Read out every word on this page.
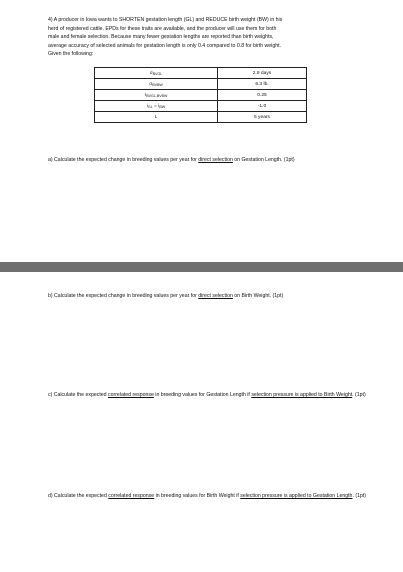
4) A producer in Iowa wants to SHORTEN gestation length (GL) and REDUCE birth weight (BW) in his

herd of registered cattle. EPDs for these traits are available, and the producer will use them for both

male and female selection. Because many fewer gestation lengths are reported than birth weights,

average accuracy of selected animals for gestation length is only 0.4 compared to 0.8 for birth weight.

Given the following:

$\sigma_{BVGL}$	2.8 days
$\sigma_{BVBW}$	6.3 lb.
$r_{BVGL,BVBW}$	0.25
$i_{GL} = i_{BW}$	-1.0
L	5 years

a) Calculate the expected change in breeding values per year for direct selection on Gestation Length. (1pt)

b) Calculate the expected change in breeding values per year for direct selection on Birth Weight. (1pt)

c) Calculate the expected correlated response in breeding values for Gestation Length if selection pressure is applied to Birth Weight. (1pt)

d) Calculate the expected correlated response in breeding values for Birth Weight if selection pressure is applied to Gestation Length. (1pt)
